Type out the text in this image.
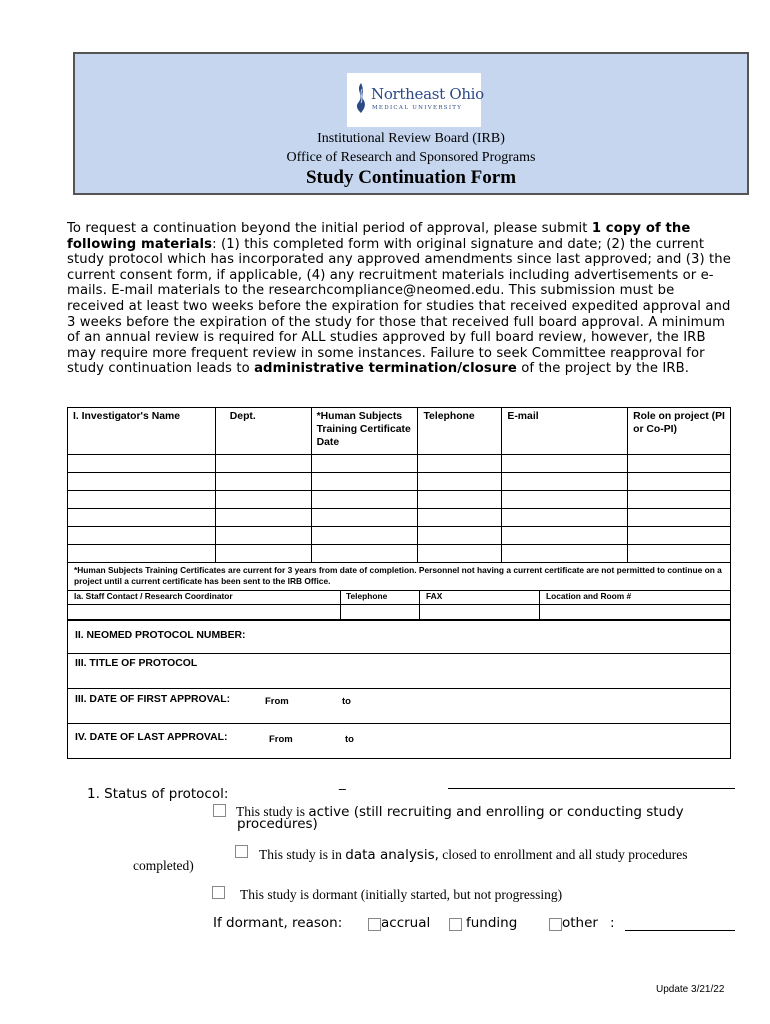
Northeast Ohio
MEDICAL UNIVERSITY
Institutional Review Board (IRB)
Office of Research and Sponsored Programs
Study Continuation Form
To request a continuation beyond the initial period of approval, please submit 1 copy of the following materials: (1) this completed form with original signature and date; (2) the current study protocol which has incorporated any approved amendments since last approved; and (3) the current consent form, if applicable, (4) any recruitment materials including advertisements or e-mails. E-mail materials to the researchcompliance@neomed.edu. This submission must be received at least two weeks before the expiration for studies that received expedited approval and 3 weeks before the expiration of the study for those that received full board approval. A minimum of an annual review is required for ALL studies approved by full board review, however, the IRB may require more frequent review in some instances. Failure to seek Committee reapproval for study continuation leads to administrative termination/closure of the project by the IRB.
I. Investigator's Name	Dept.	*Human Subjects Training Certificate Date	Telephone	E-mail	Role on project (PI or Co-PI)

*Human Subjects Training Certificates are current for 3 years from date of completion. Personnel not having a current certificate are not permitted to continue on a project until a current certificate has been sent to the IRB Office.
Ia. Staff Contact / Research Coordinator	Telephone	FAX	Location and Room #
II. NEOMED PROTOCOL NUMBER:
III. TITLE OF PROTOCOL
III. DATE OF FIRST APPROVAL:	From	to
IV. DATE OF LAST APPROVAL:	From	to
1. Status of protocol:
_
This study is active (still recruiting and enrolling or conducting study
procedures)
This study is in data analysis, closed to enrollment and all study procedures
completed)
This study is dormant (initially started, but not progressing)
If dormant, reason:	accrual	funding	other :
Update 3/21/22
